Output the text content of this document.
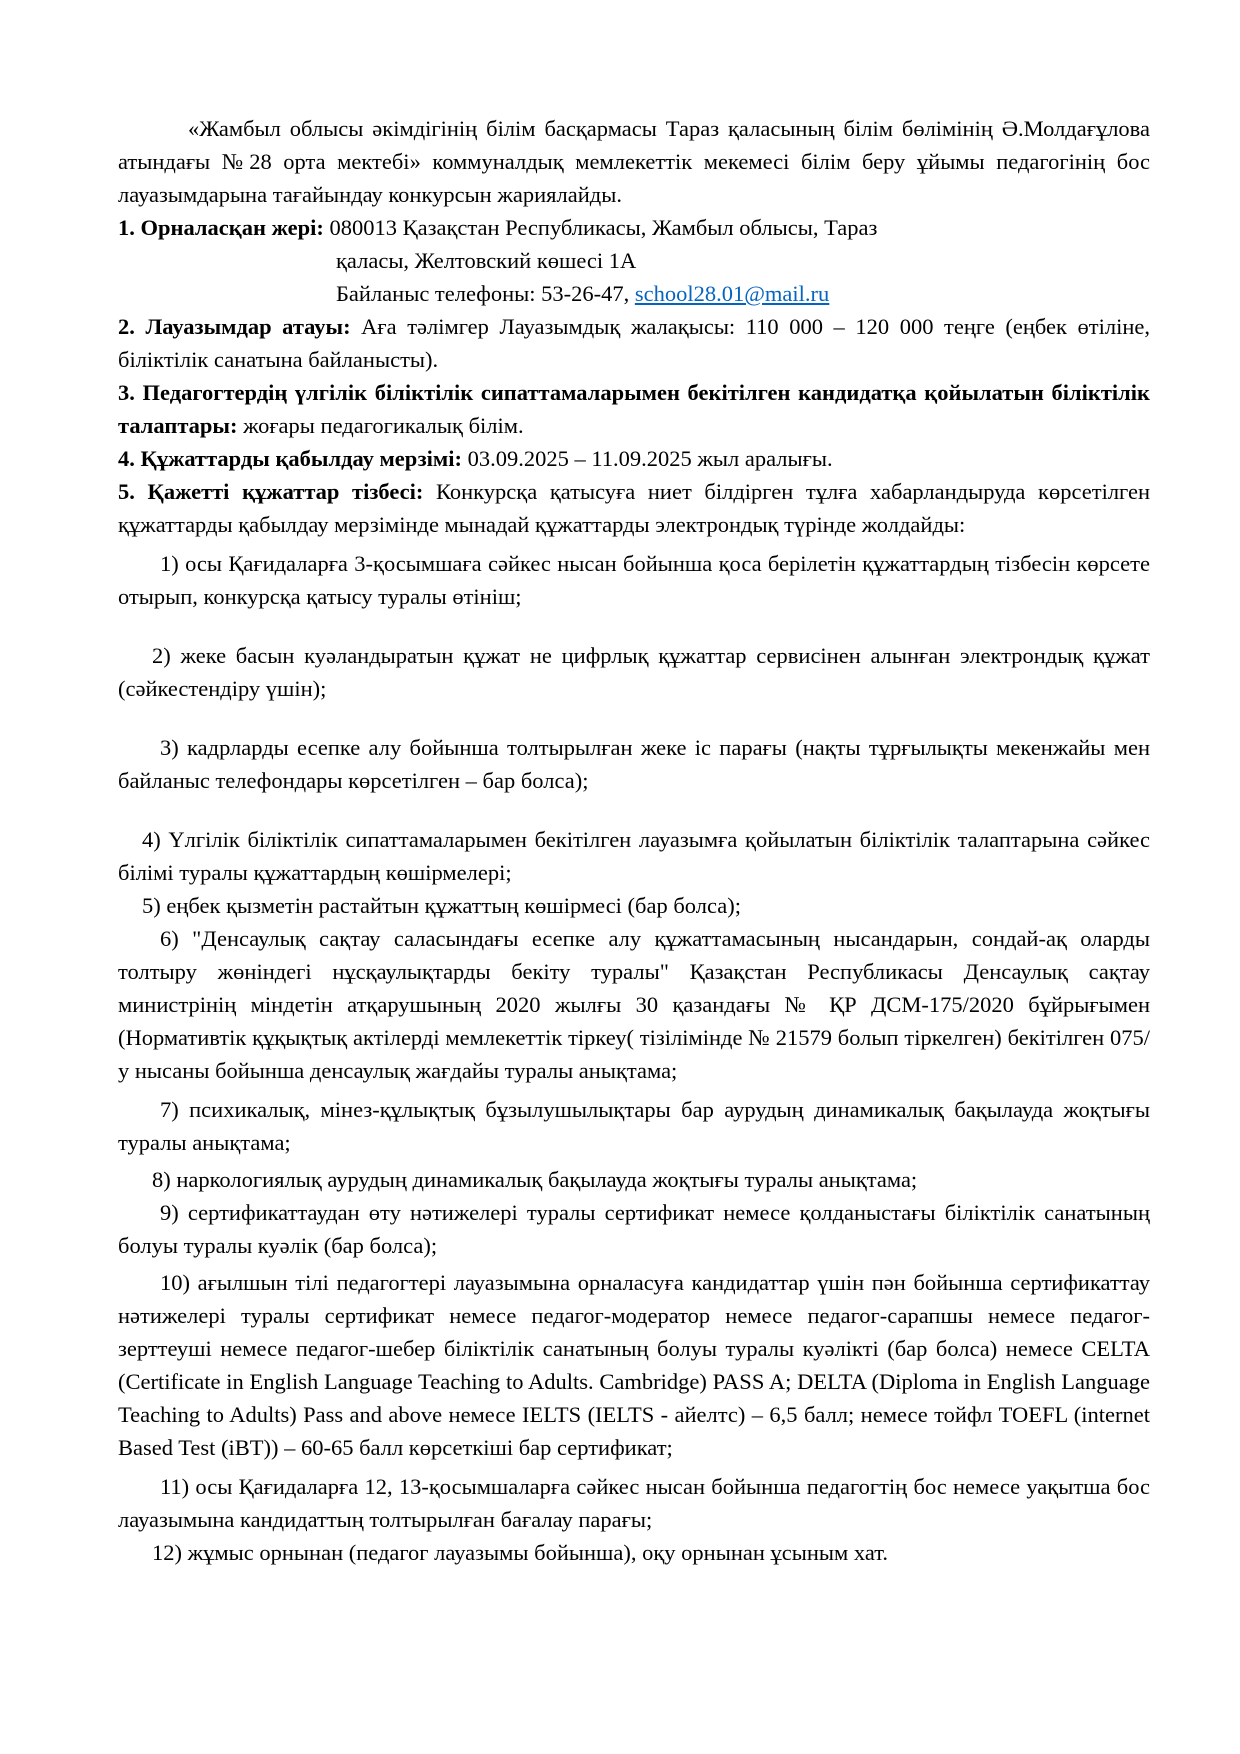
«Жамбыл облысы әкімдігінің білім басқармасы Тараз қаласының білім бөлімінің Ә.Молдағұлова атындағы №28 орта мектебі» коммуналдық мемлекеттік мекемесі білім беру ұйымы педагогінің бос лауазымдарына тағайындау конкурсын жариялайды.

1. Орналасқан жері: 080013 Қазақстан Республикасы, Жамбыл облысы, Тараз

қаласы, Желтовский көшесі 1А

Байланыс телефоны: 53-26-47, school28.01@mail.ru

2. Лауазымдар атауы: Аға тәлімгер Лауазымдық жалақысы: 110 000 – 120 000 теңге (еңбек өтіліне, біліктілік санатына байланысты).

3. Педагогтердің үлгілік біліктілік сипаттамаларымен бекітілген кандидатқа қойылатын біліктілік талаптары: жоғары педагогикалық білім.

4. Құжаттарды қабылдау мерзімі: 03.09.2025 – 11.09.2025 жыл аралығы.

5. Қажетті құжаттар тізбесі: Конкурсқа қатысуға ниет білдірген тұлға хабарландыруда көрсетілген құжаттарды қабылдау мерзімінде мынадай құжаттарды электрондық түрінде жолдайды:

1) осы Қағидаларға 3-қосымшаға сәйкес нысан бойынша қоса берілетін құжаттардың тізбесін көрсете отырып, конкурсқа қатысу туралы өтініш;

2) жеке басын куәландыратын құжат не цифрлық құжаттар сервисінен алынған электрондық құжат (сәйкестендіру үшін);

3) кадрларды есепке алу бойынша толтырылған жеке іс парағы (нақты тұрғылықты мекенжайы мен байланыс телефондары көрсетілген – бар болса);

4) Үлгілік біліктілік сипаттамаларымен бекітілген лауазымға қойылатын біліктілік талаптарына сәйкес білімі туралы құжаттардың көшірмелері;

5) еңбек қызметін растайтын құжаттың көшірмесі (бар болса);

6) "Денсаулық сақтау саласындағы есепке алу құжаттамасының нысандарын, сондай-ақ оларды толтыру жөніндегі нұсқаулықтарды бекіту туралы" Қазақстан Республикасы Денсаулық сақтау министрінің міндетін атқарушының 2020 жылғы 30 қазандағы № ҚР ДСМ-175/2020 бұйрығымен (Нормативтік құқықтық актілерді мемлекеттік тіркеу( тізілімінде № 21579 болып тіркелген) бекітілген 075/у нысаны бойынша денсаулық жағдайы туралы анықтама;

7) психикалық, мінез-құлықтық бұзылушылықтары бар аурудың динамикалық бақылауда жоқтығы туралы анықтама;

8) наркологиялық аурудың динамикалық бақылауда жоқтығы туралы анықтама;

9) сертификаттаудан өту нәтижелері туралы сертификат немесе қолданыстағы біліктілік санатының болуы туралы куәлік (бар болса);

10) ағылшын тілі педагогтері лауазымына орналасуға кандидаттар үшін пән бойынша сертификаттау нәтижелері туралы сертификат немесе педагог-модератор немесе педагог-сарапшы немесе педагог-зерттеуші немесе педагог-шебер біліктілік санатының болуы туралы куәлікті (бар болса) немесе CELTA (Certificate in English Language Teaching to Adults. Cambridge) PASS A; DELTA (Diploma in English Language Teaching to Adults) Pass and above немесе IELTS (IELTS - айелтс) – 6,5 балл; немесе тойфл TOEFL (internet Based Test (iBT)) – 60-65 балл көрсеткіші бар сертификат;

11) осы Қағидаларға 12, 13-қосымшаларға сәйкес нысан бойынша педагогтің бос немесе уақытша бос лауазымына кандидаттың толтырылған бағалау парағы;

12) жұмыс орнынан (педагог лауазымы бойынша), оқу орнынан ұсыным хат.
